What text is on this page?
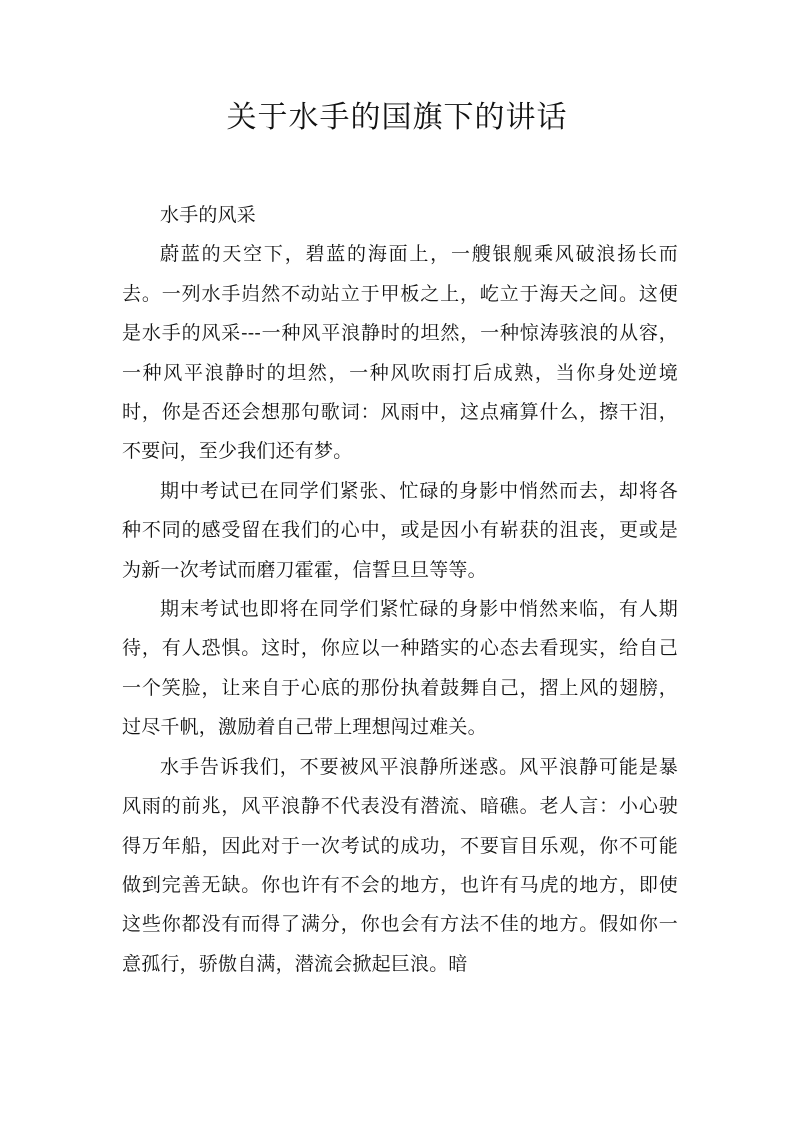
关于水手的国旗下的讲话

水手的风采

蔚蓝的天空下，碧蓝的海面上，一艘银舰乘风破浪扬长而去。一列水手岿然不动站立于甲板之上，屹立于海天之间。这便是水手的风采---一种风平浪静时的坦然，一种惊涛骇浪的从容，一种风平浪静时的坦然，一种风吹雨打后成熟，当你身处逆境时，你是否还会想那句歌词：风雨中，这点痛算什么，擦干泪，不要问，至少我们还有梦。

期中考试已在同学们紧张、忙碌的身影中悄然而去，却将各种不同的感受留在我们的心中，或是因小有崭获的沮丧，更或是为新一次考试而磨刀霍霍，信誓旦旦等等。

期末考试也即将在同学们紧忙碌的身影中悄然来临，有人期待，有人恐惧。这时，你应以一种踏实的心态去看现实，给自己一个笑脸，让来自于心底的那份执着鼓舞自己，摺上风的翅膀，过尽千帆，激励着自己带上理想闯过难关。

水手告诉我们，不要被风平浪静所迷惑。风平浪静可能是暴风雨的前兆，风平浪静不代表没有潜流、暗礁。老人言：小心驶得万年船，因此对于一次考试的成功，不要盲目乐观，你不可能做到完善无缺。你也许有不会的地方，也许有马虎的地方，即使这些你都没有而得了满分，你也会有方法不佳的地方。假如你一意孤行，骄傲自满，潜流会掀起巨浪。暗
